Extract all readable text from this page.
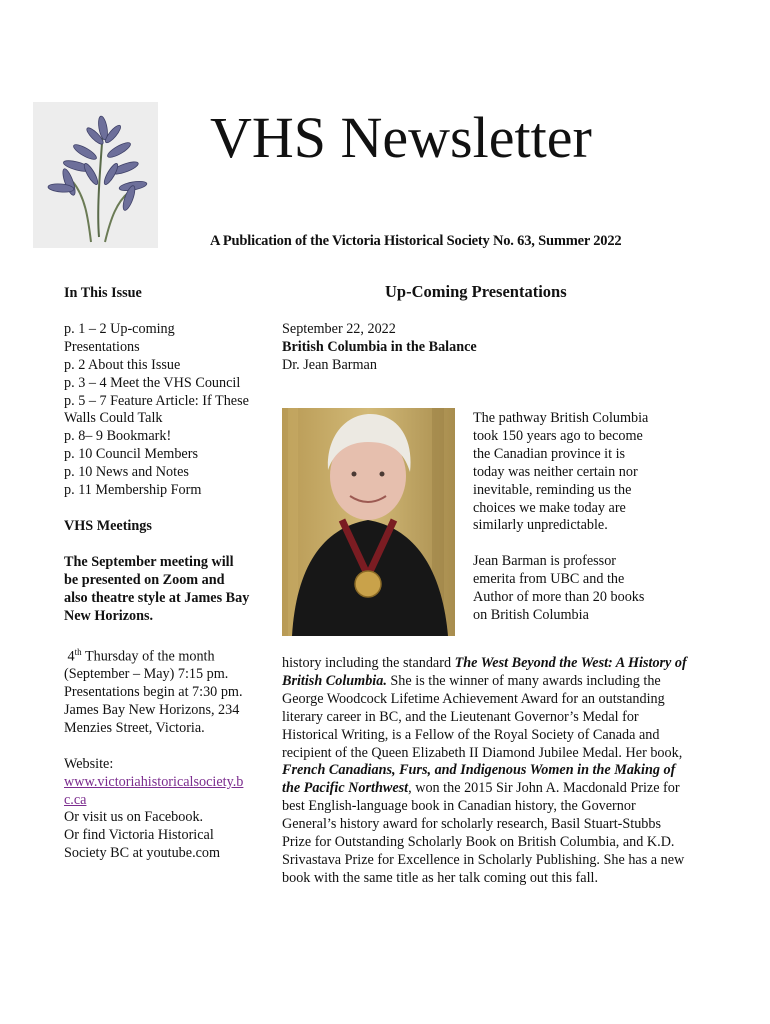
VHS Newsletter
A Publication of the Victoria Historical Society No. 63, Summer 2022
In This Issue
p. 1 – 2 Up-coming Presentations
p. 2 About this Issue
p. 3 – 4 Meet the VHS Council
p. 5 – 7 Feature Article: If These Walls Could Talk
p. 8– 9 Bookmark!
p. 10 Council Members
p. 10 News and Notes
p. 11 Membership Form
VHS Meetings
The September meeting will be presented on Zoom and also theatre style at James Bay New Horizons.
4th Thursday of the month (September – May) 7:15 pm. Presentations begin at 7:30 pm.
James Bay New Horizons, 234 Menzies Street, Victoria.
Website:
www.victoriahistoricalsociety.bc.ca
Or visit us on Facebook.
Or find Victoria Historical Society BC at youtube.com
Up-Coming Presentations
September 22, 2022
British Columbia in the Balance
Dr. Jean Barman

The pathway British Columbia took 150 years ago to become the Canadian province it is today was neither certain nor inevitable, reminding us the choices we make today are similarly unpredictable.

Jean Barman is professor emerita from UBC and the Author of more than 20 books on British Columbia

history including the standard The West Beyond the West: A History of British Columbia. She is the winner of many awards including the George Woodcock Lifetime Achievement Award for an outstanding literary career in BC, and the Lieutenant Governor’s Medal for Historical Writing, is a Fellow of the Royal Society of Canada and recipient of the Queen Elizabeth II Diamond Jubilee Medal. Her book, French Canadians, Furs, and Indigenous Women in the Making of the Pacific Northwest, won the 2015 Sir John A. Macdonald Prize for best English-language book in Canadian history, the Governor General’s history award for scholarly research, Basil Stuart-Stubbs Prize for Outstanding Scholarly Book on British Columbia, and K.D. Srivastava Prize for Excellence in Scholarly Publishing. She has a new book with the same title as her talk coming out this fall.
